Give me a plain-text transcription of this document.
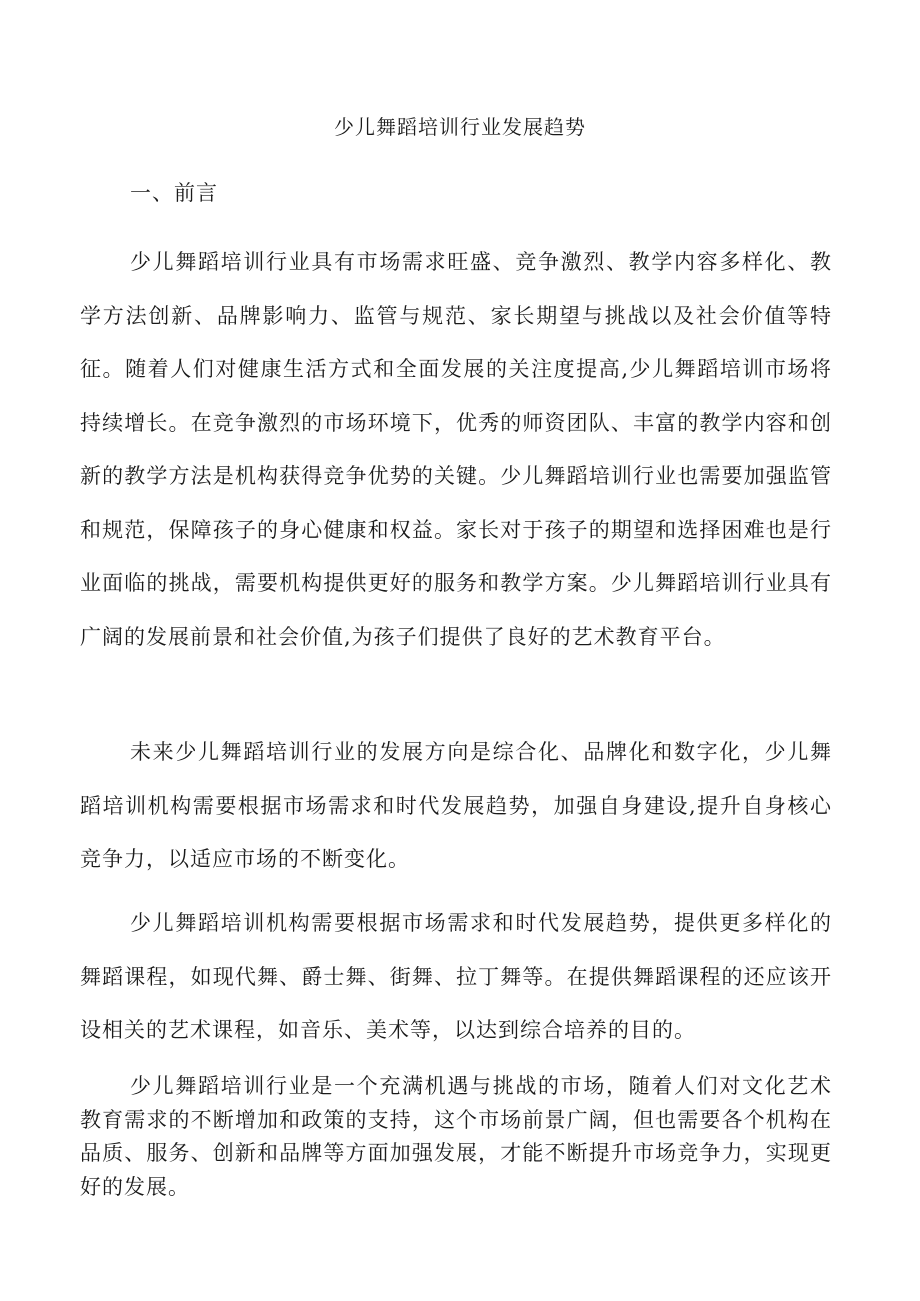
少儿舞蹈培训行业发展趋势
一、前言

少儿舞蹈培训行业具有市场需求旺盛、竞争激烈、教学内容多样化、教学方法创新、品牌影响力、监管与规范、家长期望与挑战以及社会价值等特征。随着人们对健康生活方式和全面发展的关注度提高,少儿舞蹈培训市场将持续增长。在竞争激烈的市场环境下，优秀的师资团队、丰富的教学内容和创新的教学方法是机构获得竞争优势的关键。少儿舞蹈培训行业也需要加强监管和规范，保障孩子的身心健康和权益。家长对于孩子的期望和选择困难也是行业面临的挑战，需要机构提供更好的服务和教学方案。少儿舞蹈培训行业具有广阔的发展前景和社会价值,为孩子们提供了良好的艺术教育平台。

未来少儿舞蹈培训行业的发展方向是综合化、品牌化和数字化，少儿舞蹈培训机构需要根据市场需求和时代发展趋势，加强自身建设,提升自身核心竞争力，以适应市场的不断变化。

少儿舞蹈培训机构需要根据市场需求和时代发展趋势，提供更多样化的舞蹈课程，如现代舞、爵士舞、街舞、拉丁舞等。在提供舞蹈课程的还应该开设相关的艺术课程，如音乐、美术等，以达到综合培养的目的。

少儿舞蹈培训行业是一个充满机遇与挑战的市场，随着人们对文化艺术教育需求的不断增加和政策的支持，这个市场前景广阔，但也需要各个机构在品质、服务、创新和品牌等方面加强发展，才能不断提升市场竞争力，实现更好的发展。
